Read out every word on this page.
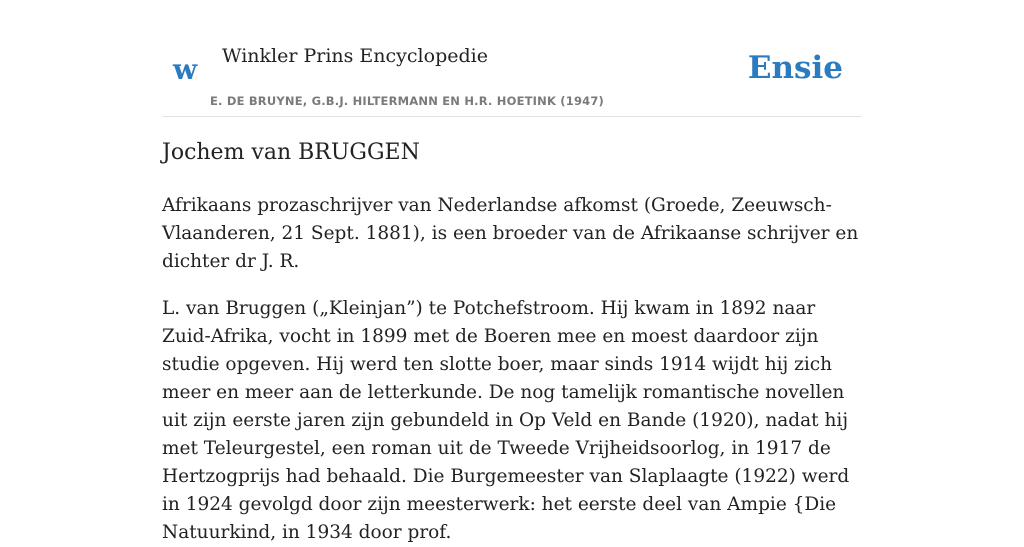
w Winkler Prins Encyclopedie
E. DE BRUYNE, G.B.J. HILTERMANN EN H.R. HOETINK (1947)
Ensie
Jochem van BRUGGEN

Afrikaans prozaschrijver van Nederlandse afkomst (Groede, Zeeuwsch-Vlaanderen, 21 Sept. 1881), is een broeder van de Afrikaanse schrijver en dichter dr J. R.

L. van Bruggen („Kleinjan”) te Potchefstroom. Hij kwam in 1892 naar Zuid-Afrika, vocht in 1899 met de Boeren mee en moest daardoor zijn studie opgeven. Hij werd ten slotte boer, maar sinds 1914 wijdt hij zich meer en meer aan de letterkunde. De nog tamelijk romantische novellen uit zijn eerste jaren zijn gebundeld in Op Veld en Bande (1920), nadat hij met Teleurgestel, een roman uit de Tweede Vrijheidsoorlog, in 1917 de Hertzogprijs had behaald. Die Burgemeester van Slaplaagte (1922) werd in 1924 gevolgd door zijn meesterwerk: het eerste deel van Ampie {Die Natuurkind, in 1934 door prof.
